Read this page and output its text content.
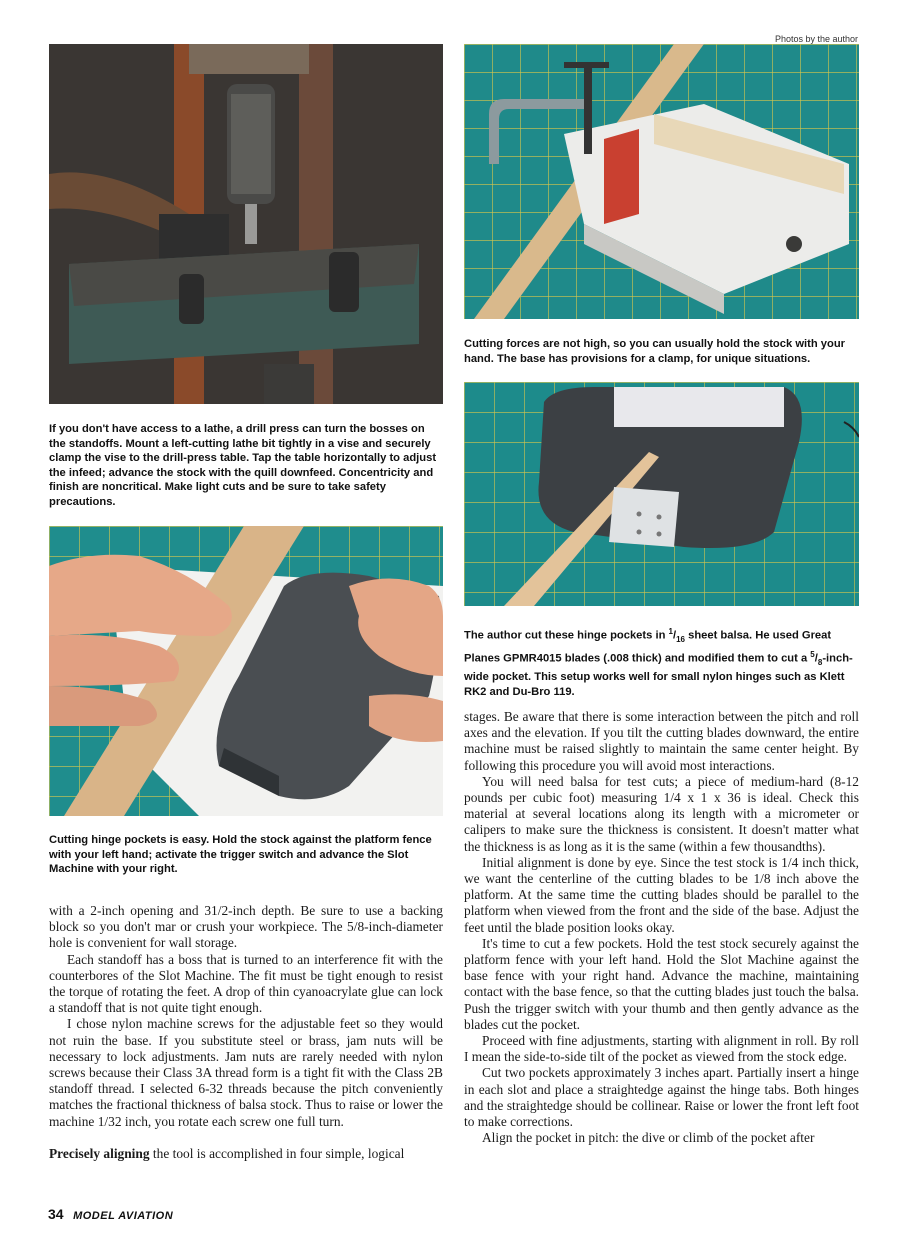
Photos by the author
If you don't have access to a lathe, a drill press can turn the bosses on the standoffs. Mount a left-cutting lathe bit tightly in a vise and securely clamp the vise to the drill-press table. Tap the table horizontally to adjust the infeed; advance the stock with the quill downfeed. Concentricity and finish are noncritical. Make light cuts and be sure to take safety precautions.
Cutting forces are not high, so you can usually hold the stock with your hand. The base has provisions for a clamp, for unique situations.
The author cut these hinge pockets in $^1/_{16}$ sheet balsa. He used Great Planes GPMR4015 blades (.008 thick) and modified them to cut a $^5/_8-inch$-wide pocket. This setup works well for small nylon hinges such as Klett RK2 and Du-Bro 119.
Cutting hinge pockets is easy. Hold the stock against the platform fence with your left hand; activate the trigger switch and advance the Slot Machine with your right.

with a 2-inch opening and 31/2-inch depth. Be sure to use a backing block so you don't mar or crush your workpiece. The 5/8-inch-diameter hole is convenient for wall storage.

Each standoff has a boss that is turned to an interference fit with the counterbores of the Slot Machine. The fit must be tight enough to resist the torque of rotating the feet. A drop of thin cyanoacrylate glue can lock a standoff that is not quite tight enough.

I chose nylon machine screws for the adjustable feet so they would not ruin the base. If you substitute steel or brass, jam nuts will be necessary to lock adjustments. Jam nuts are rarely needed with nylon screws because their Class 3A thread form is a tight fit with the Class 2B standoff thread. I selected 6-32 threads because the pitch conveniently matches the fractional thickness of balsa stock. Thus to raise or lower the machine 1/32 inch, you rotate each screw one full turn.

Precisely aligning the tool is accomplished in four simple, logical

stages. Be aware that there is some interaction between the pitch and roll axes and the elevation. If you tilt the cutting blades downward, the entire machine must be raised slightly to maintain the same center height. By following this procedure you will avoid most interactions.

You will need balsa for test cuts; a piece of medium-hard (8-12 pounds per cubic foot) measuring 1/4 x 1 x 36 is ideal. Check this material at several locations along its length with a micrometer or calipers to make sure the thickness is consistent. It doesn't matter what the thickness is as long as it is the same (within a few thousandths).

Initial alignment is done by eye. Since the test stock is 1/4 inch thick, we want the centerline of the cutting blades to be 1/8 inch above the platform. At the same time the cutting blades should be parallel to the platform when viewed from the front and the side of the base. Adjust the feet until the blade position looks okay.

It's time to cut a few pockets. Hold the test stock securely against the platform fence with your left hand. Hold the Slot Machine against the base fence with your right hand. Advance the machine, maintaining contact with the base fence, so that the cutting blades just touch the balsa. Push the trigger switch with your thumb and then gently advance as the blades cut the pocket.

Proceed with fine adjustments, starting with alignment in roll. By roll I mean the side-to-side tilt of the pocket as viewed from the stock edge.

Cut two pockets approximately 3 inches apart. Partially insert a hinge in each slot and place a straightedge against the hinge tabs. Both hinges and the straightedge should be collinear. Raise or lower the front left foot to make corrections.

Align the pocket in pitch: the dive or climb of the pocket after

34 MODEL AVIATION
